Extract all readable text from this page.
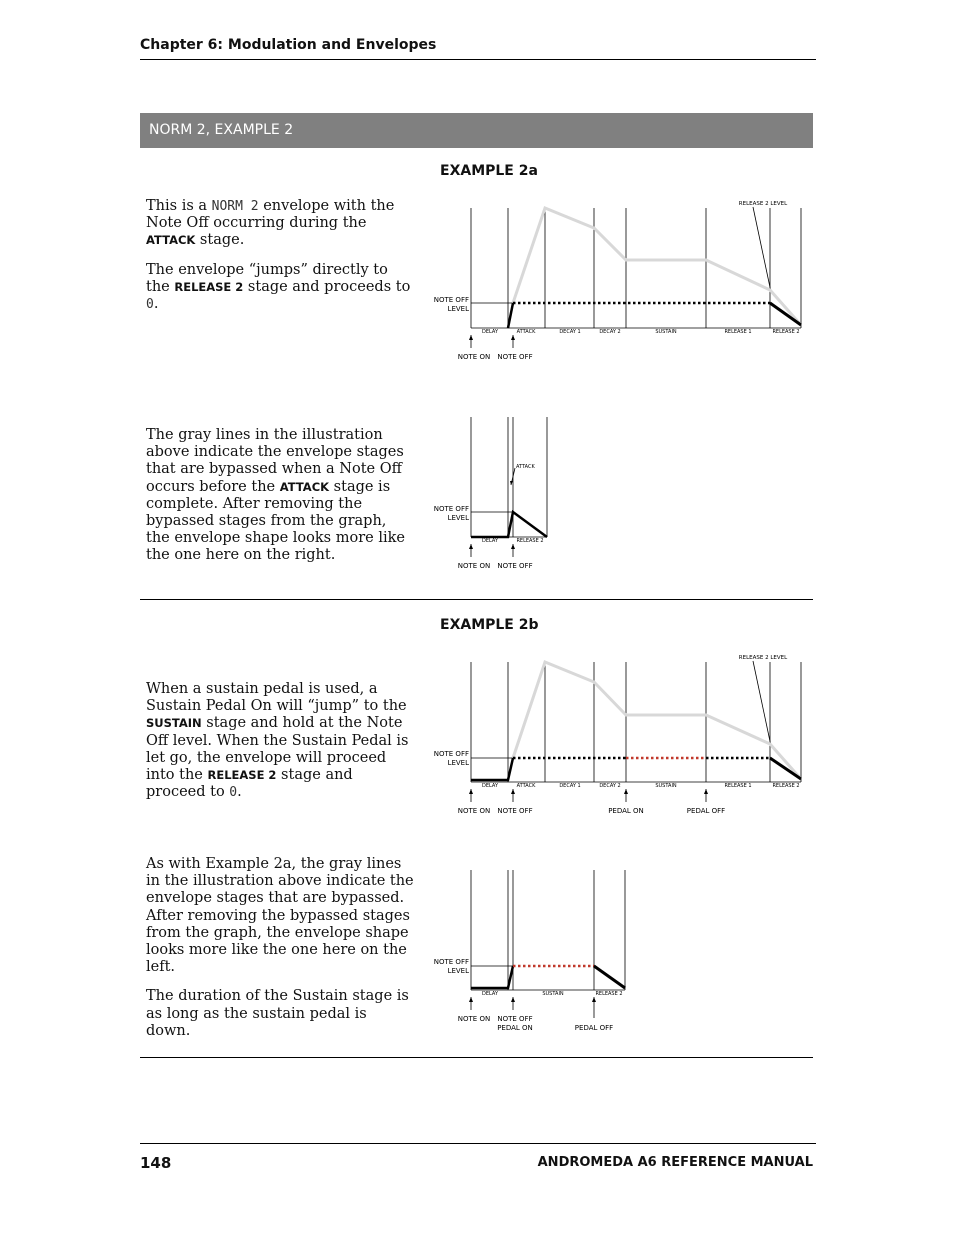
Chapter 6: Modulation and Envelopes
NORM 2, EXAMPLE 2
EXAMPLE 2a

This is a NORM 2 envelope with the Note Off occurring during the ATTACK stage.

The envelope “jumps” directly to the RELEASE 2 stage and proceeds to 0.

RELEASE 2 LEVEL
NOTE OFF
LEVEL
DELAY	ATTACK	DECAY 1	DECAY 2	SUSTAIN	RELEASE 1	RELEASE 2
NOTE ON NOTE OFF

The gray lines in the illustration above indicate the envelope stages that are bypassed when a Note Off occurs before the ATTACK stage is complete. After removing the bypassed stages from the graph, the envelope shape looks more like the one here on the right.

ATTACK
NOTE OFF
LEVEL
DELAY	RELEASE 2
NOTE ON NOTE OFF
EXAMPLE 2b

When a sustain pedal is used, a Sustain Pedal On will “jump” to the SUSTAIN stage and hold at the Note Off level. When the Sustain Pedal is let go, the envelope will proceed into the RELEASE 2 stage and proceed to 0.

RELEASE 2 LEVEL
NOTE OFF
LEVEL
DELAY	ATTACK	DECAY 1	DECAY 2	SUSTAIN	RELEASE 1	RELEASE 2
NOTE ON NOTE OFF	PEDAL ON	PEDAL OFF

As with Example 2a, the gray lines in the illustration above indicate the envelope stages that are bypassed. After removing the bypassed stages from the graph, the envelope shape looks more like the one here on the left.

The duration of the Sustain stage is as long as the sustain pedal is down.

NOTE OFF
LEVEL
DELAY	SUSTAIN	RELEASE 2
NOTE ON NOTE OFF
PEDAL ON	PEDAL OFF
148	ANDROMEDA A6 REFERENCE MANUAL
